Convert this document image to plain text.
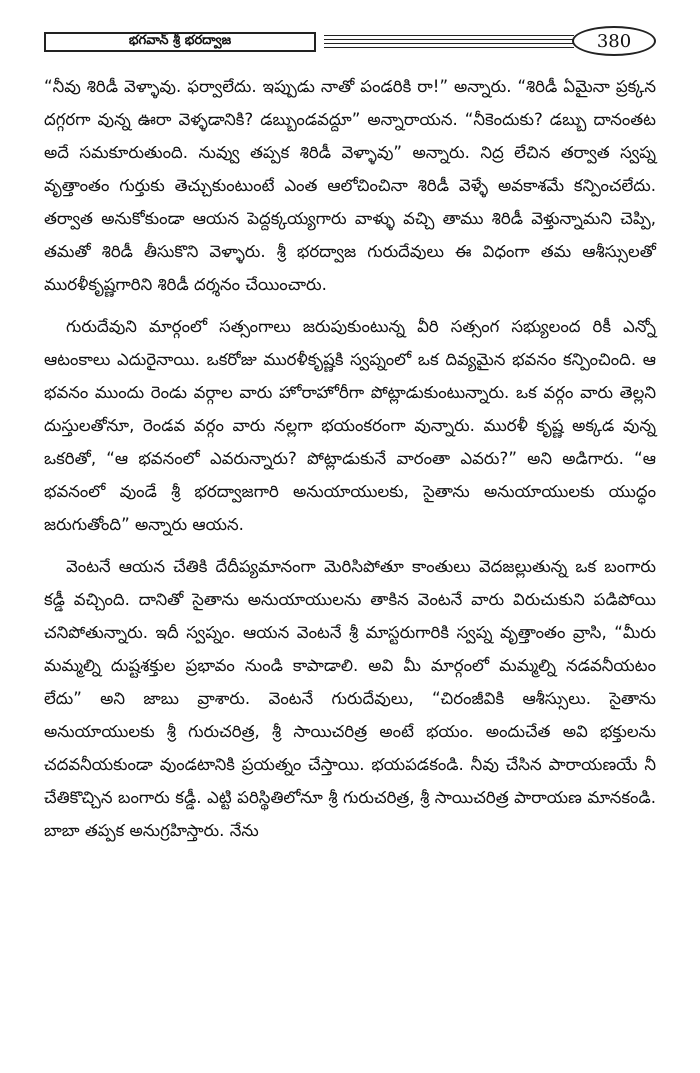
భగవాన్ శ్రీ భరద్వాజ	380

“నీవు శిరిడీ వెళ్ళావు. ఫర్వాలేదు. ఇప్పుడు నాతో పండరికి రా!” అన్నారు. “శిరిడీ ఏమైనా ప్రక్కన దగ్గరగా వున్న ఊరా వెళ్ళడానికి? డబ్బుండవద్దూ” అన్నారాయన. “నీకెందుకు? డబ్బు దానంతట అదే సమకూరుతుంది. నువ్వు తప్పక శిరిడీ వెళ్ళావు” అన్నారు. నిద్ర లేచిన తర్వాత స్వప్న వృత్తాంతం గుర్తుకు తెచ్చుకుంటుంటే ఎంత ఆలోచించినా శిరిడీ వెళ్ళే అవకాశమే కన్పించలేదు. తర్వాత అనుకోకుండా ఆయన పెద్దక్కయ్యగారు వాళ్ళు వచ్చి తాము శిరిడీ వెళ్తున్నామని చెప్పి, తమతో శిరిడీ తీసుకొని వెళ్ళారు. శ్రీ భరద్వాజ గురుదేవులు ఈ విధంగా తమ ఆశీస్సులతో మురళీకృష్ణగారిని శిరిడీ దర్శనం చేయించారు.

గురుదేవుని మార్గంలో సత్సంగాలు జరుపుకుంటున్న వీరి సత్సంగ సభ్యులంద రికీ ఎన్నో ఆటంకాలు ఎదురైనాయి. ఒకరోజు మురళీకృష్ణకి స్వప్నంలో ఒక దివ్యమైన భవనం కన్పించింది. ఆ భవనం ముందు రెండు వర్గాల వారు హోరాహోరీగా పోట్లాడుకుంటున్నారు. ఒక వర్గం వారు తెల్లని దుస్తులతోనూ, రెండవ వర్గం వారు నల్లగా భయంకరంగా వున్నారు. మురళీ కృష్ణ అక్కడ వున్న ఒకరితో, “ఆ భవనంలో ఎవరున్నారు? పోట్లాడుకునే వారంతా ఎవరు?” అని అడిగారు. “ఆ భవనంలో వుండే శ్రీ భరద్వాజగారి అనుయాయులకు, సైతాను అనుయాయులకు యుద్ధం జరుగుతోంది” అన్నారు ఆయన.

వెంటనే ఆయన చేతికి దేదీప్యమానంగా మెరిసిపోతూ కాంతులు వెదజల్లుతున్న ఒక బంగారు కడ్డీ వచ్చింది. దానితో సైతాను అనుయాయులను తాకిన వెంటనే వారు విరుచుకుని పడిపోయి చనిపోతున్నారు. ఇదీ స్వప్నం. ఆయన వెంటనే శ్రీ మాస్టరుగారికి స్వప్న వృత్తాంతం వ్రాసి, “మీరు మమ్మల్ని దుష్టశక్తుల ప్రభావం నుండి కాపాడాలి. అవి మీ మార్గంలో మమ్మల్ని నడవనీయటం లేదు” అని జాబు వ్రాశారు. వెంటనే గురుదేవులు, “చిరంజీవికి ఆశీస్సులు. సైతాను అనుయాయులకు శ్రీ గురుచరిత్ర, శ్రీ సాయిచరిత్ర అంటే భయం. అందుచేత అవి భక్తులను చదవనీయకుండా వుండటానికి ప్రయత్నం చేస్తాయి. భయపడకండి. నీవు చేసిన పారాయణయే నీ చేతికొచ్చిన బంగారు కడ్డీ. ఎట్టి పరిస్థితిలోనూ శ్రీ గురుచరిత్ర, శ్రీ సాయిచరిత్ర పారాయణ మానకండి. బాబా తప్పక అనుగ్రహిస్తారు. నేను
